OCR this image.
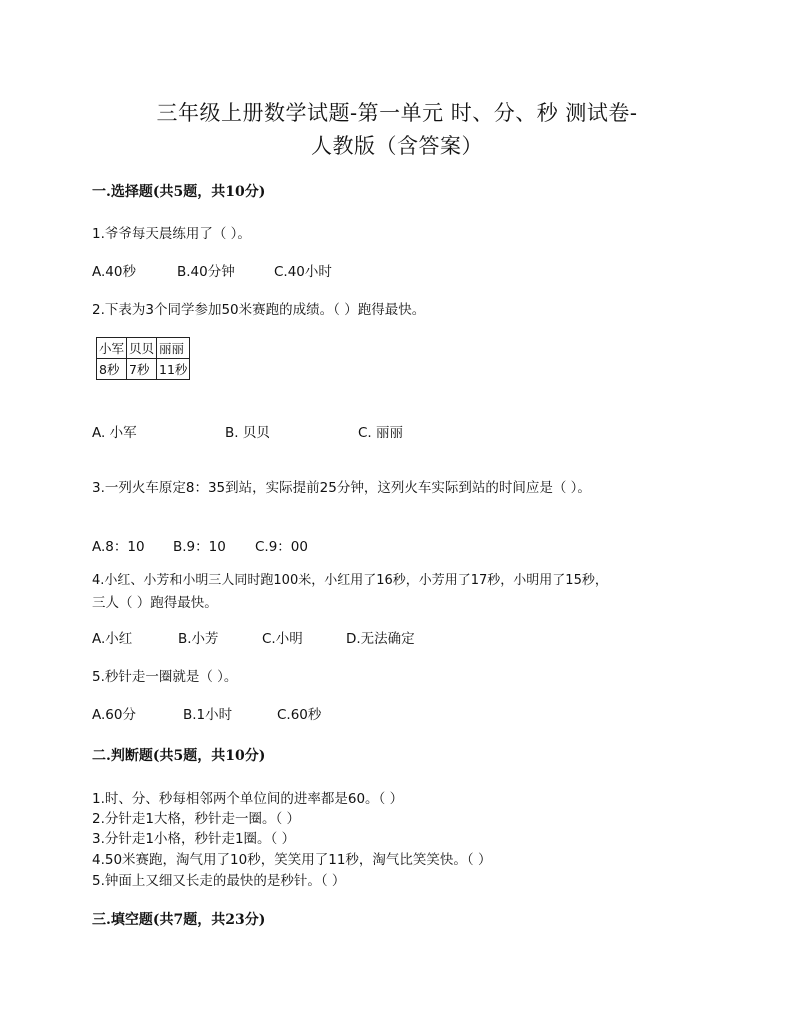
三年级上册数学试题-第一单元 时、分、秒 测试卷-
人教版（含答案）
一.选择题(共5题，共10分)
1.爷爷每天晨练用了（ ）。
A.40秒	B.40分钟	C.40小时
2.下表为3个同学参加50米赛跑的成绩。（ ）跑得最快。
小军	贝贝	丽丽
8秒	7秒	11秒
A. 小军	B. 贝贝	C. 丽丽
3.一列火车原定8：35到站，实际提前25分钟，这列火车实际到站的时间应是（ ）。
A.8：10 B.9：10 C.9：00
4.小红、小芳和小明三人同时跑100米，小红用了16秒，小芳用了17秒，小明用了15秒，
三人（ ）跑得最快。
A.小红	B.小芳	C.小明	D.无法确定
5.秒针走一圈就是（ ）。
A.60分	B.1小时	C.60秒
二.判断题(共5题，共10分)
1.时、分、秒每相邻两个单位间的进率都是60。（ ）
2.分针走1大格，秒针走一圈。（ ）
3.分针走1小格，秒针走1圈。（ ）
4.50米赛跑，淘气用了10秒，笑笑用了11秒，淘气比笑笑快。（ ）
5.钟面上又细又长走的最快的是秒针。（ ）
三.填空题(共7题，共23分)
